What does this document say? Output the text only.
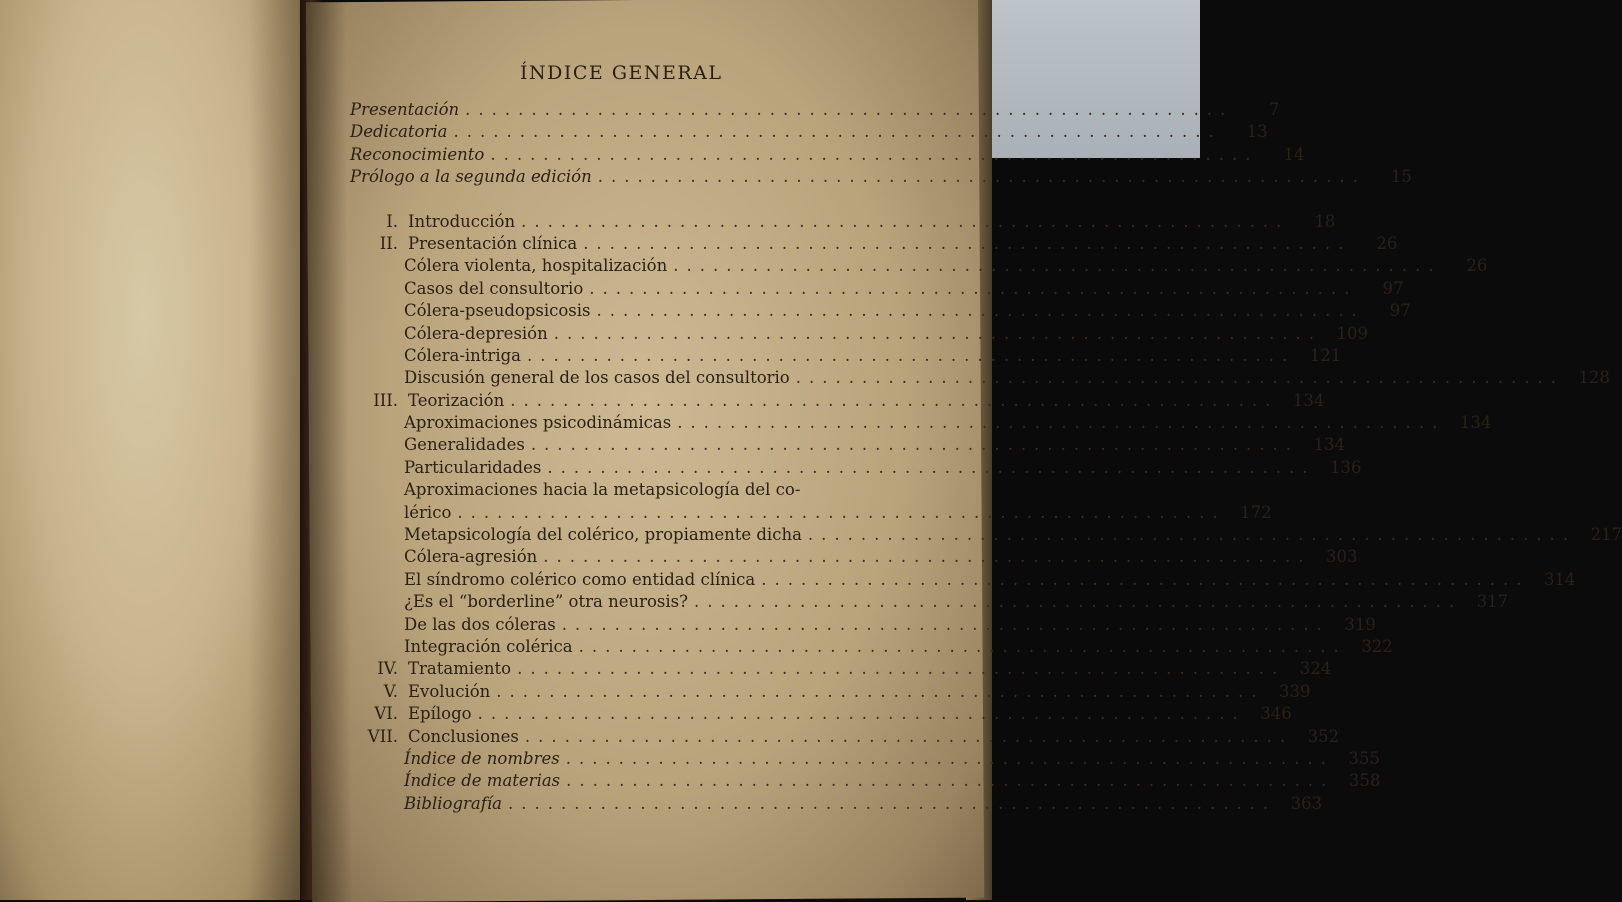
ÍNDICE GENERAL
Presentación ..........................................................	7
Dedicatoria ..........................................................	13
Reconocimiento ..........................................................	14
Prólogo a la segunda edición ..........................................................	15
I. Introducción ..........................................................	18
II. Presentación clínica ..........................................................	26
Cólera violenta, hospitalización ..........................................................	26
Casos del consultorio ..........................................................	97
Cólera-pseudopsicosis ..........................................................	97
Cólera-depresión .......................................................... 109
Cólera-intriga .......................................................... 121
Discusión general de los casos del consultorio .......................................................... 128
III. Teorización .......................................................... 134
Aproximaciones psicodinámicas .......................................................... 134
Generalidades .......................................................... 134
Particularidades .......................................................... 136
Aproximaciones hacia la metapsicología del co-
lérico .......................................................... 172
Metapsicología del colérico, propiamente dicha .......................................................... 217
Cólera-agresión .......................................................... 303
El síndromo colérico como entidad clínica .......................................................... 314
¿Es el “borderline” otra neurosis? .......................................................... 317
De las dos cóleras .......................................................... 319
Integración colérica .......................................................... 322
IV. Tratamiento .......................................................... 324
V. Evolución .......................................................... 339
VI. Epílogo .......................................................... 346
VII. Conclusiones .......................................................... 352
Índice de nombres .......................................................... 355
Índice de materias .......................................................... 358
Bibliografía .......................................................... 363
